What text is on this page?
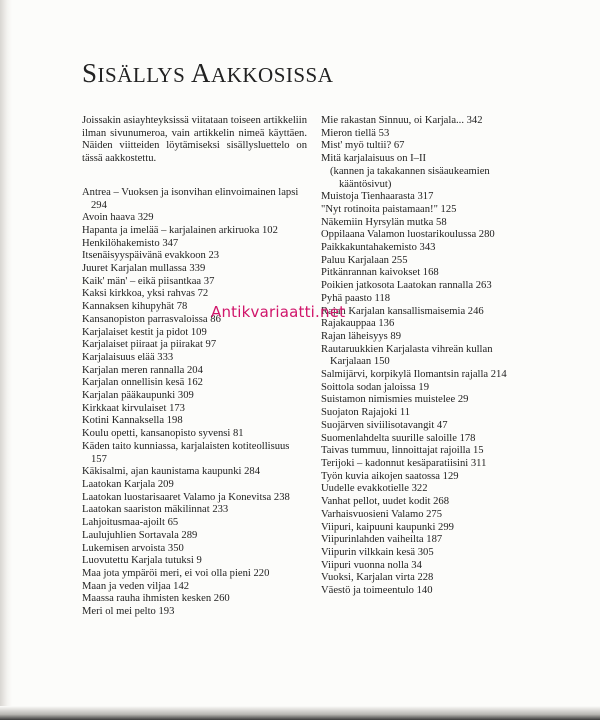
SISÄLLYS AAKKOSISSA

Joissakin asiayhteyksissä viitataan toiseen artikkeliin ilman sivunumeroa, vain artikkelin nimeä käyttäen. Näiden viitteiden löytämiseksi sisällysluettelo on tässä aakkostettu.

Antrea – Vuoksen ja isonvihan elinvoimainen lapsi 294

Avoin haava 329

Hapanta ja imelää – karjalainen arkiruoka 102

Henkilöhakemisto 347

Itsenäisyyspäivänä evakkoon 23

Juuret Karjalan mullassa 339

Kaik' män' – eikä piisantkaa 37

Kaksi kirkkoa, yksi rahvas 72

Kannaksen kihupyhät 78

Kansanopiston parrasvaloissa 86

Karjalaiset kestit ja pidot 109

Karjalaiset piiraat ja piirakat 97

Karjalaisuus elää 333

Karjalan meren rannalla 204

Karjalan onnellisin kesä 162

Karjalan pääkaupunki 309

Kirkkaat kirvulaiset 173

Kotini Kannaksella 198

Koulu opetti, kansanopisto syvensi 81

Käden taito kunniassa, karjalaisten kotiteollisuus 157

Käkisalmi, ajan kaunistama kaupunki 284

Laatokan Karjala 209

Laatokan luostarisaaret Valamo ja Konevitsa 238

Laatokan saariston mäkilinnat 233

Lahjoitusmaa-ajoilt 65

Laulujuhlien Sortavala 289

Lukemisen arvoista 350

Luovutettu Karjala tutuksi 9

Maa jota ympäröi meri, ei voi olla pieni 220

Maan ja veden viljaa 142

Maassa rauha ihmisten kesken 260

Meri ol mei pelto 193

Mie rakastan Sinnuu, oi Karjala... 342

Mieron tiellä 53

Mist' myö tultii? 67

Mitä karjalaisuus on I–II

(kannen ja takakannen sisäaukeamien kääntösivut)

Muistoja Tienhaarasta 317

"Nyt rotinoita paistamaan!" 125

Näkemiin Hyrsylän mutka 58

Oppilaana Valamon luostarikoulussa 280

Paikkakuntahakemisto 343

Paluu Karjalaan 255

Pitkänrannan kaivokset 168

Poikien jatkosota Laatokan rannalla 263

Pyhä paasto 118

Rajan Karjalan kansallismaisemia 246

Rajakauppaa 136

Rajan läheisyys 89

Rautaruukkien Karjalasta vihreän kullan Karjalaan 150

Salmijärvi, korpikylä Ilomantsin rajalla 214

Soittola sodan jaloissa 19

Suistamon nimismies muistelee 29

Suojaton Rajajoki 11

Suojärven siviilisotavangit 47

Suomenlahdelta suurille saloille 178

Taivas tummuu, linnoittajat rajoilla 15

Terijoki – kadonnut kesäparatiisini 311

Työn kuvia aikojen saatossa 129

Uudelle evakkotielle 322

Vanhat pellot, uudet kodit 268

Varhaisvuosieni Valamo 275

Viipuri, kaipuuni kaupunki 299

Viipurinlahden vaiheilta 187

Viipurin vilkkain kesä 305

Viipuri vuonna nolla 34

Vuoksi, Karjalan virta 228

Väestö ja toimeentulo 140

Antikvariaatti.net
